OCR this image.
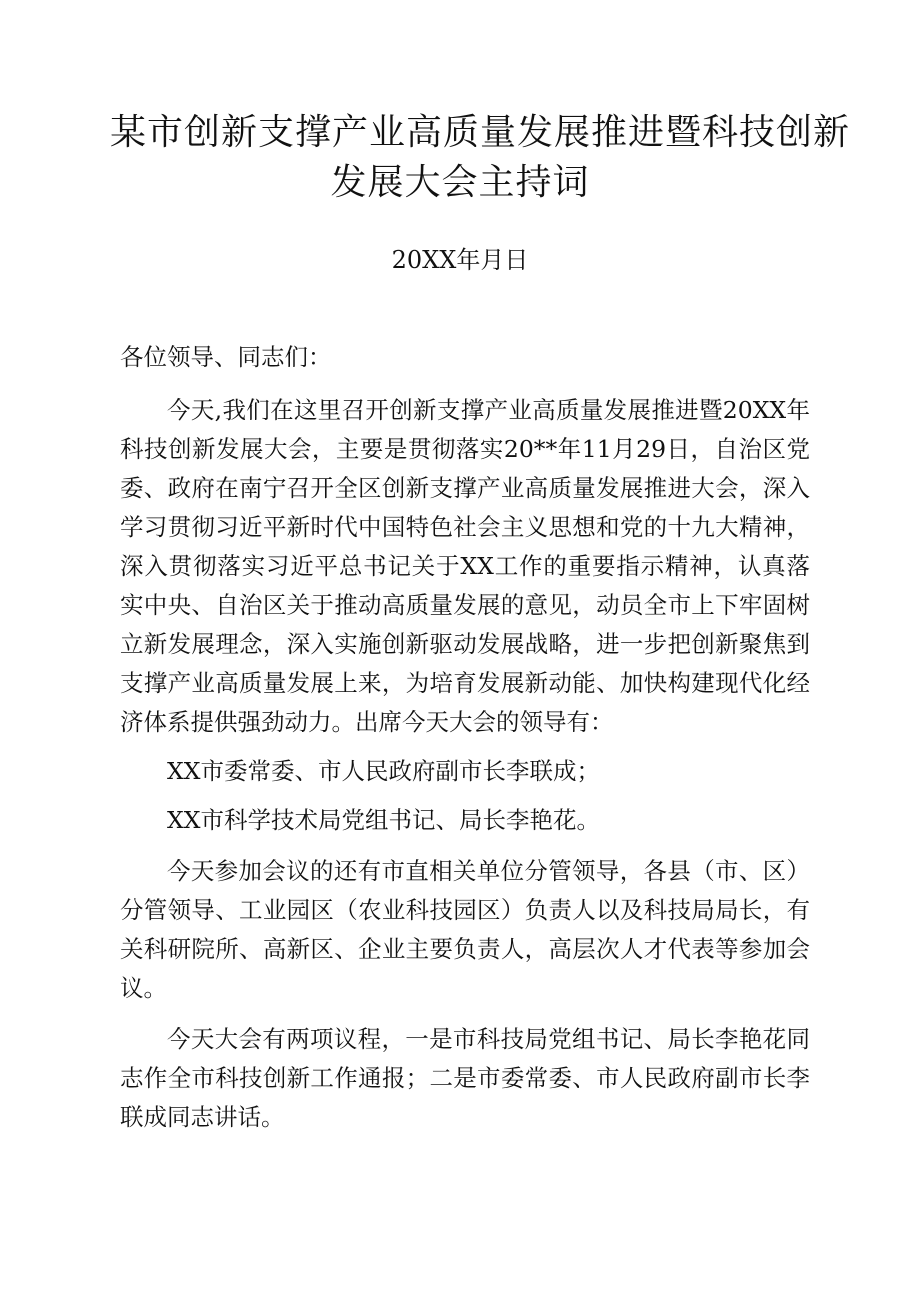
某市创新支撑产业高质量发展推进暨科技创新
发展大会主持词
20XX年月日

各位领导、同志们：

今天,我们在这里召开创新支撑产业高质量发展推进暨20XX年科技创新发展大会，主要是贯彻落实20**年11月29日，自治区党委、政府在南宁召开全区创新支撑产业高质量发展推进大会，深入学习贯彻习近平新时代中国特色社会主义思想和党的十九大精神，深入贯彻落实习近平总书记关于XX工作的重要指示精神，认真落实中央、自治区关于推动高质量发展的意见，动员全市上下牢固树立新发展理念，深入实施创新驱动发展战略，进一步把创新聚焦到支撑产业高质量发展上来，为培育发展新动能、加快构建现代化经济体系提供强劲动力。出席今天大会的领导有：

XX市委常委、市人民政府副市长李联成；

XX市科学技术局党组书记、局长李艳花。

今天参加会议的还有市直相关单位分管领导，各县（市、区）分管领导、工业园区（农业科技园区）负责人以及科技局局长，有关科研院所、高新区、企业主要负责人，高层次人才代表等参加会议。

今天大会有两项议程，一是市科技局党组书记、局长李艳花同志作全市科技创新工作通报；二是市委常委、市人民政府副市长李联成同志讲话。
